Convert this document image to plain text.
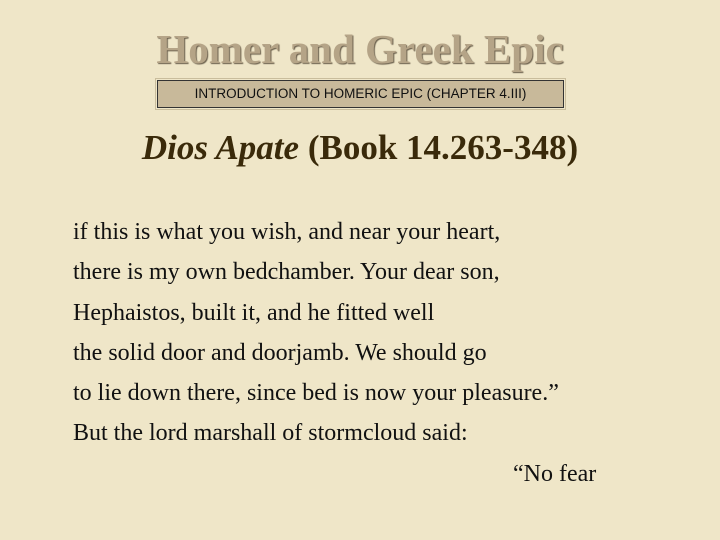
Homer and Greek Epic
INTRODUCTION TO HOMERIC EPIC (CHAPTER 4.III)
Dios Apate (Book 14.263-348)
if this is what you wish, and near your heart,
there is my own bedchamber. Your dear son,
Hephaistos, built it, and he fitted well
the solid door and doorjamb. We should go
to lie down there, since bed is now your pleasure.”
But the lord marshall of stormcloud said:
“No fear
